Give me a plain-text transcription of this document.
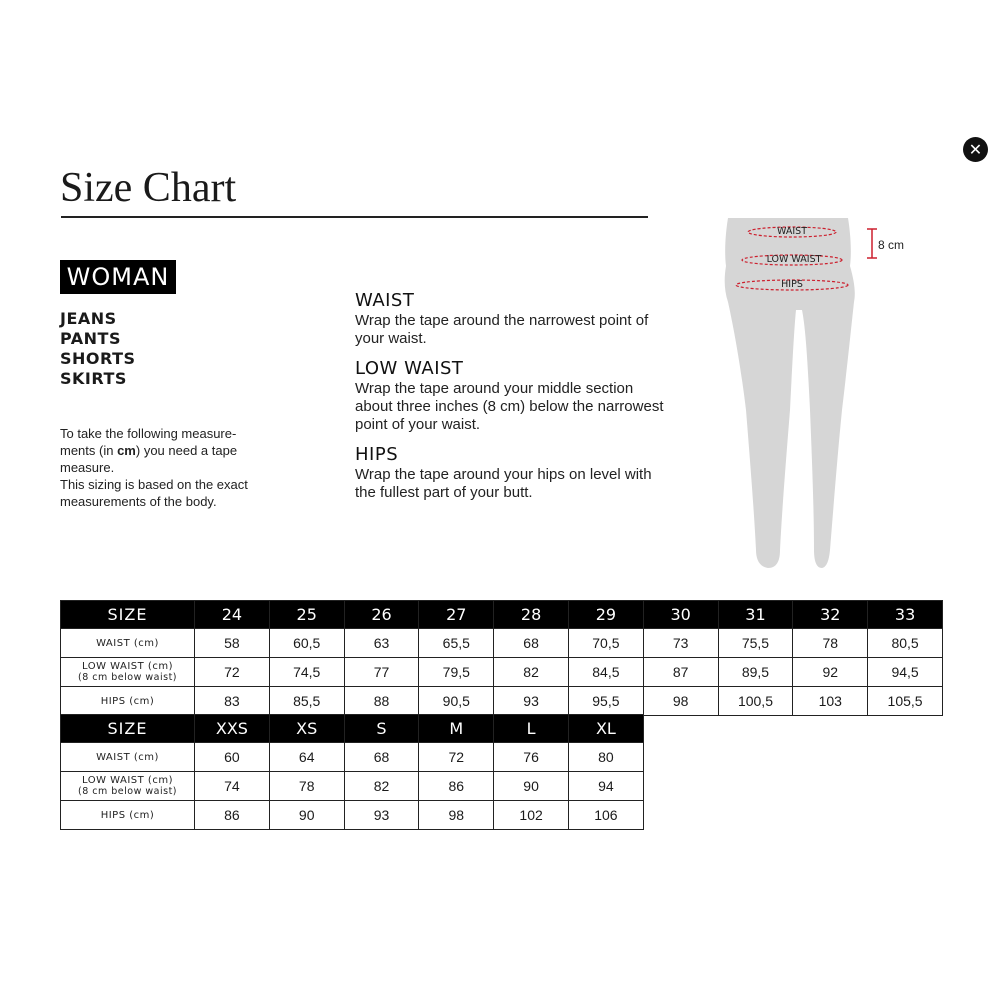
✕
Size Chart
WOMAN
JEANS
PANTS
SHORTS
SKIRTS

To take the following measure-

ments (in cm) you need a tape

measure.

This sizing is based on the exact

measurements of the body.

WAIST
Wrap the tape around the narrowest point of your waist.
LOW WAIST
Wrap the tape around your middle section about three inches (8 cm) below the narrowest point of your waist.
HIPS
Wrap the tape around your hips on level with the fullest part of your butt.
WAIST
LOW WAIST
HIPS
8 cm
SIZE	24	25	26	27	28	29	30	31	32	33
WAIST (cm)	58	60,5	63	65,5	68	70,5	73	75,5	78	80,5
LOW WAIST (cm)
(8 cm below waist)	72	74,5	77	79,5	82	84,5	87	89,5	92	94,5
HIPS (cm)	83	85,5	88	90,5	93	95,5	98	100,5	103	105,5
SIZE	XXS	XS	S	M	L	XL
WAIST (cm)	60	64	68	72	76	80
LOW WAIST (cm)
(8 cm below waist)	74	78	82	86	90	94
HIPS (cm)	86	90	93	98	102	106
